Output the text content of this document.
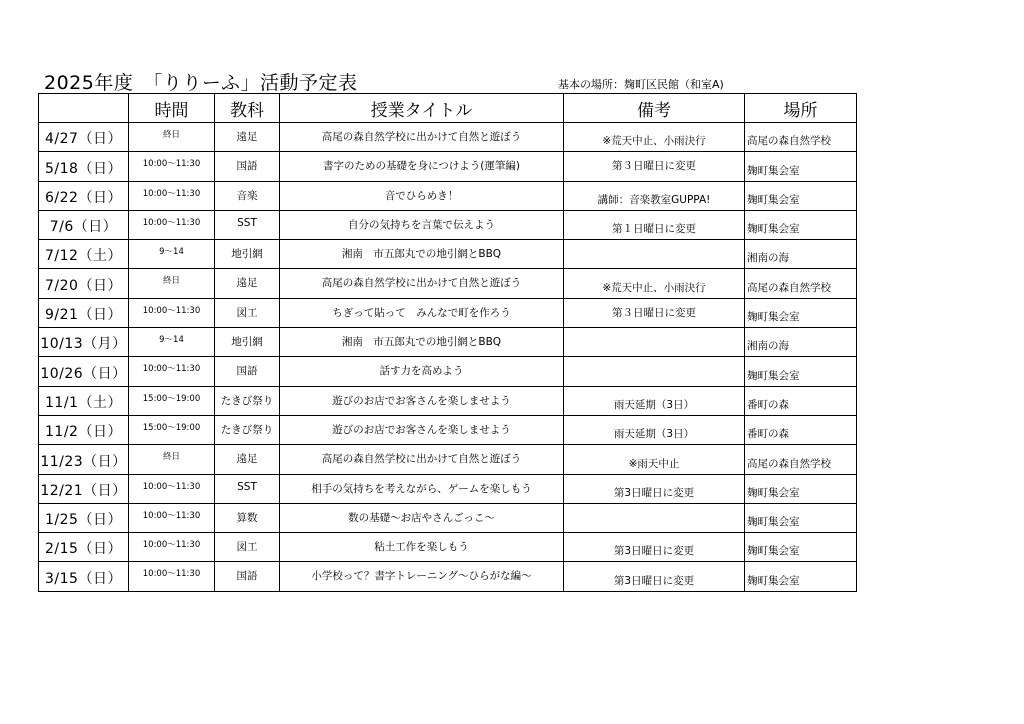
2025年度　「りりーふ」活動予定表	基本の場所：麹町区民館（和室A)
	時間	教科	授業タイトル	備考	場所
4/27（日）	終日	遠足	高尾の森自然学校に出かけて自然と遊ぼう	※荒天中止、小雨決行	高尾の森自然学校
5/18（日）	10:00～11:30	国語	書字のための基礎を身につけよう(運筆編)	第３日曜日に変更	麹町集会室
6/22（日）	10:00～11:30	音楽	音でひらめき！	講師：音楽教室GUPPA!	麹町集会室
7/6（日）	10:00～11:30	SST	自分の気持ちを言葉で伝えよう	第１日曜日に変更	麹町集会室
7/12（土）	9～14	地引網	湘南　市五郎丸での地引網とBBQ		湘南の海
7/20（日）	終日	遠足	高尾の森自然学校に出かけて自然と遊ぼう	※荒天中止、小雨決行	高尾の森自然学校
9/21（日）	10:00～11:30	図工	ちぎって貼って　みんなで町を作ろう	第３日曜日に変更	麹町集会室
10/13（月）	9～14	地引網	湘南　市五郎丸での地引網とBBQ		湘南の海
10/26（日）	10:00～11:30	国語	話す力を高めよう		麹町集会室
11/1（土）	15:00～19:00	たきび祭り	遊びのお店でお客さんを楽しませよう	雨天延期（3日）	番町の森
11/2（日）	15:00～19:00	たきび祭り	遊びのお店でお客さんを楽しませよう	雨天延期（3日）	番町の森
11/23（日）	終日	遠足	高尾の森自然学校に出かけて自然と遊ぼう	※雨天中止	高尾の森自然学校
12/21（日）	10:00～11:30	SST	相手の気持ちを考えながら、ゲームを楽しもう	第3日曜日に変更	麹町集会室
1/25（日）	10:00～11:30	算数	数の基礎～お店やさんごっこ～		麹町集会室
2/15（日）	10:00～11:30	図工	粘土工作を楽しもう	第3日曜日に変更	麹町集会室
3/15（日）	10:00～11:30	国語	小学校って？書字トレーニング～ひらがな編～	第3日曜日に変更	麹町集会室
